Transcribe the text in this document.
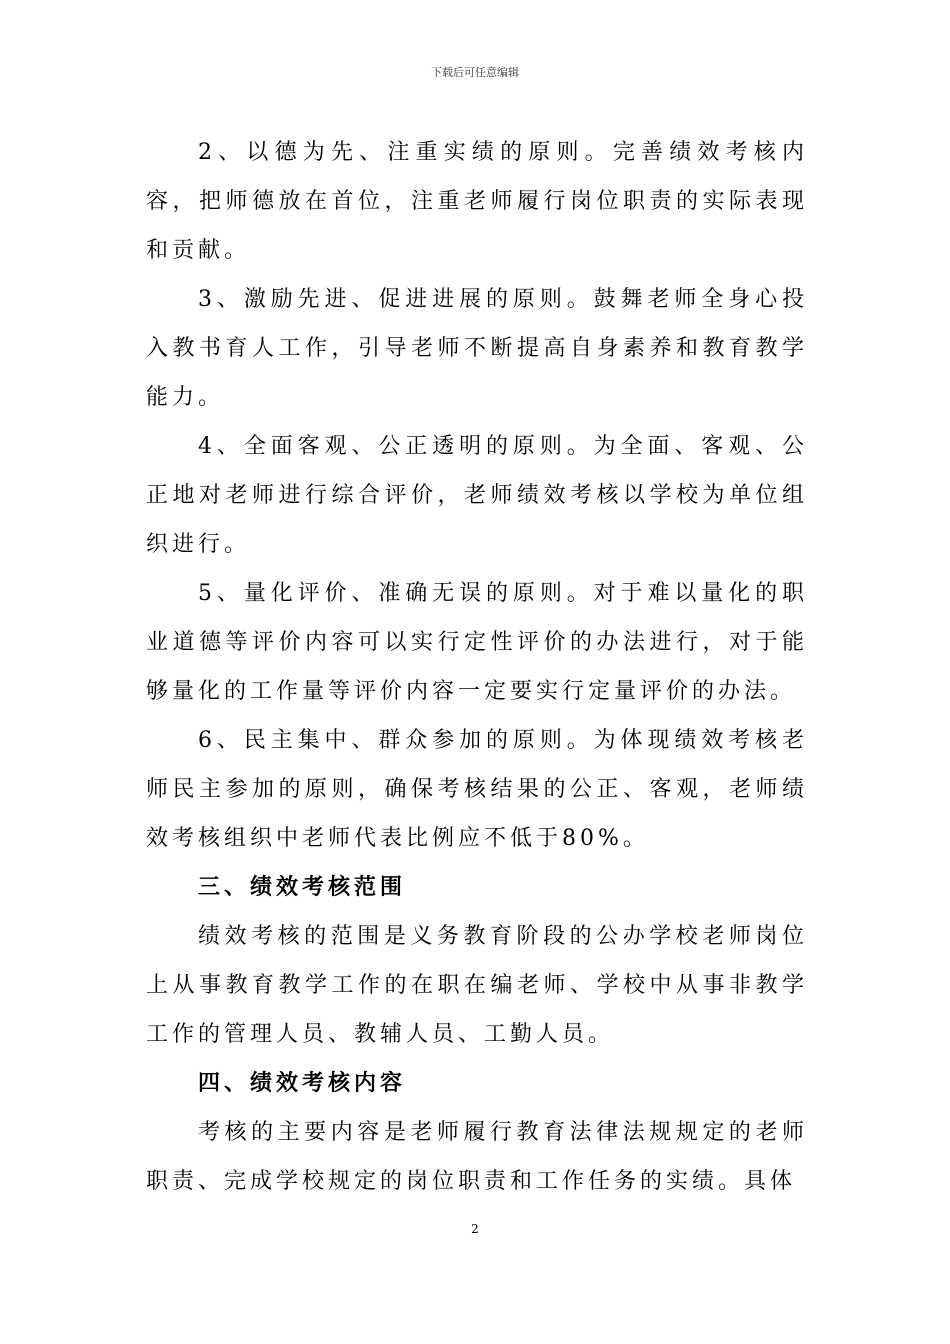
下载后可任意编辑

2、以德为先、注重实绩的原则。完善绩效考核内容，把师德放在首位，注重老师履行岗位职责的实际表现和贡献。

3、激励先进、促进进展的原则。鼓舞老师全身心投入教书育人工作，引导老师不断提高自身素养和教育教学能力。

4、全面客观、公正透明的原则。为全面、客观、公正地对老师进行综合评价，老师绩效考核以学校为单位组织进行。

5、量化评价、准确无误的原则。对于难以量化的职业道德等评价内容可以实行定性评价的办法进行，对于能够量化的工作量等评价内容一定要实行定量评价的办法。

6、民主集中、群众参加的原则。为体现绩效考核老师民主参加的原则，确保考核结果的公正、客观，老师绩效考核组织中老师代表比例应不低于80%。

三、绩效考核范围

绩效考核的范围是义务教育阶段的公办学校老师岗位上从事教育教学工作的在职在编老师、学校中从事非教学工作的管理人员、教辅人员、工勤人员。

四、绩效考核内容

考核的主要内容是老师履行教育法律法规规定的老师职责、完成学校规定的岗位职责和工作任务的实绩。具体

2
